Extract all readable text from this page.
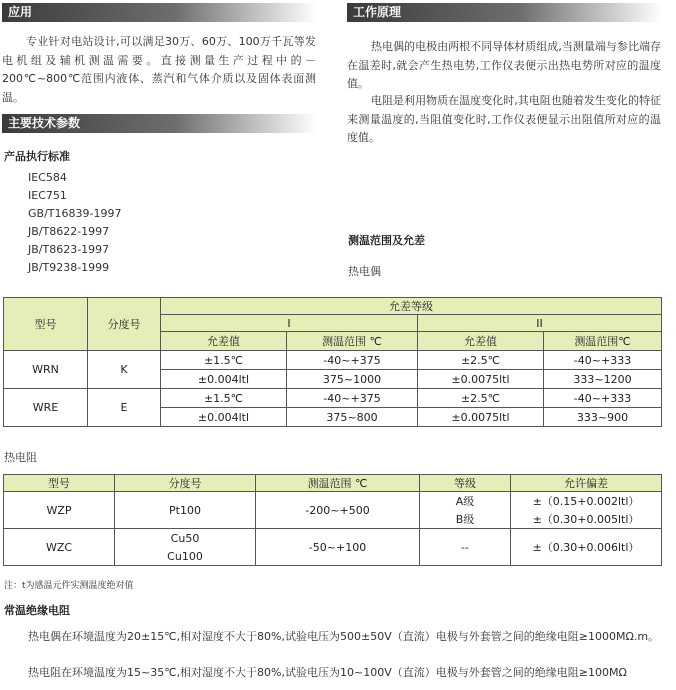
应用	工作原理

专业针对电站设计,可以满足30万、60万、100万千瓦等发电机组及辅机测温需要。直接测量生产过程中的－200℃~800℃范围内液体、蒸汽和气体介质以及固体表面测温。

热电偶的电极由两根不同导体材质组成,当测量端与参比端存在温差时,就会产生热电势,工作仪表便示出热电势所对应的温度值。

电阻是利用物质在温度变化时,其电阻也随着发生变化的特征来测量温度的,当阻值变化时,工作仪表便显示出阻值所对应的温度值。

主要技术参数
产品执行标准
IEC584
IEC751
GB/T16839-1997
JB/T8622-1997
JB/T8623-1997
JB/T9238-1999
测温范围及允差
热电偶
型号	分度号	允差等级			
		I		II	
		允差值	测温范围 ℃	允差值	测温范围℃
WRN	K	±1.5℃	-40~+375	±2.5℃	-40~+333
		±0.004ltl	375~1000	±0.0075ltl	333~1200
WRE	E	±1.5℃	-40~+375	±2.5℃	-40~+333
		±0.004ltl	375~800	±0.0075ltl	333~900
热电阻
型号	分度号	测温范围 ℃	等级	允许偏差
WZP	Pt100	-200~+500	A级	±（0.15+0.002ltl）
			B级	±（0.30+0.005ltl）
WZC	Cu50	-50~+100	--	±（0.30+0.006ltl）
	Cu100			
注：t为感温元件实测温度绝对值
常温绝缘电阻

热电偶在环境温度为20±15℃,相对湿度不大于80%,试验电压为500±50V（直流）电极与外套管之间的绝缘电阻≥1000MΩ.m。

热电阻在环境温度为15~35℃,相对湿度不大于80%,试验电压为10~100V（直流）电极与外套管之间的绝缘电阻≥100MΩ
